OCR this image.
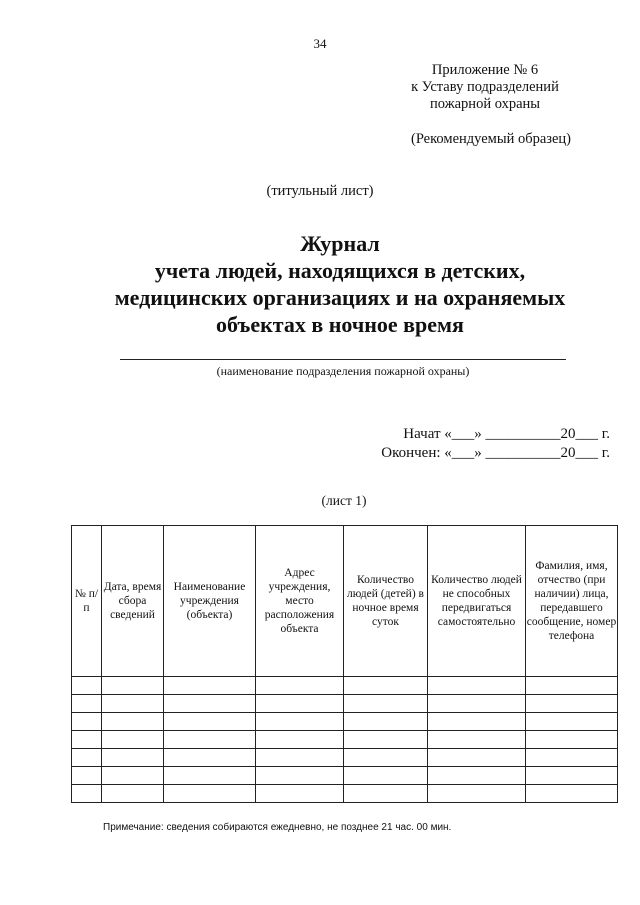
34
Приложение № 6
к Уставу подразделений
пожарной охраны
(Рекомендуемый образец)
(титульный лист)
Журнал
учета людей, находящихся в детских,
медицинских организациях и на охраняемых
объектах в ночное время
(наименование подразделения пожарной охраны)
Начат «___» __________20___ г.
Окончен: «___» __________20___ г.
(лист 1)
№ п/п	Дата, время сбора сведений	Наименование учреждения (объекта)	Адрес учреждения, место расположения объекта	Количество людей (детей) в ночное время суток	Количество людей не способных передвигаться самостоятельно	Фамилия, имя, отчество (при наличии) лица, передавшего сообщение, номер телефона

Примечание: сведения собираются ежедневно, не позднее 21 час. 00 мин.
